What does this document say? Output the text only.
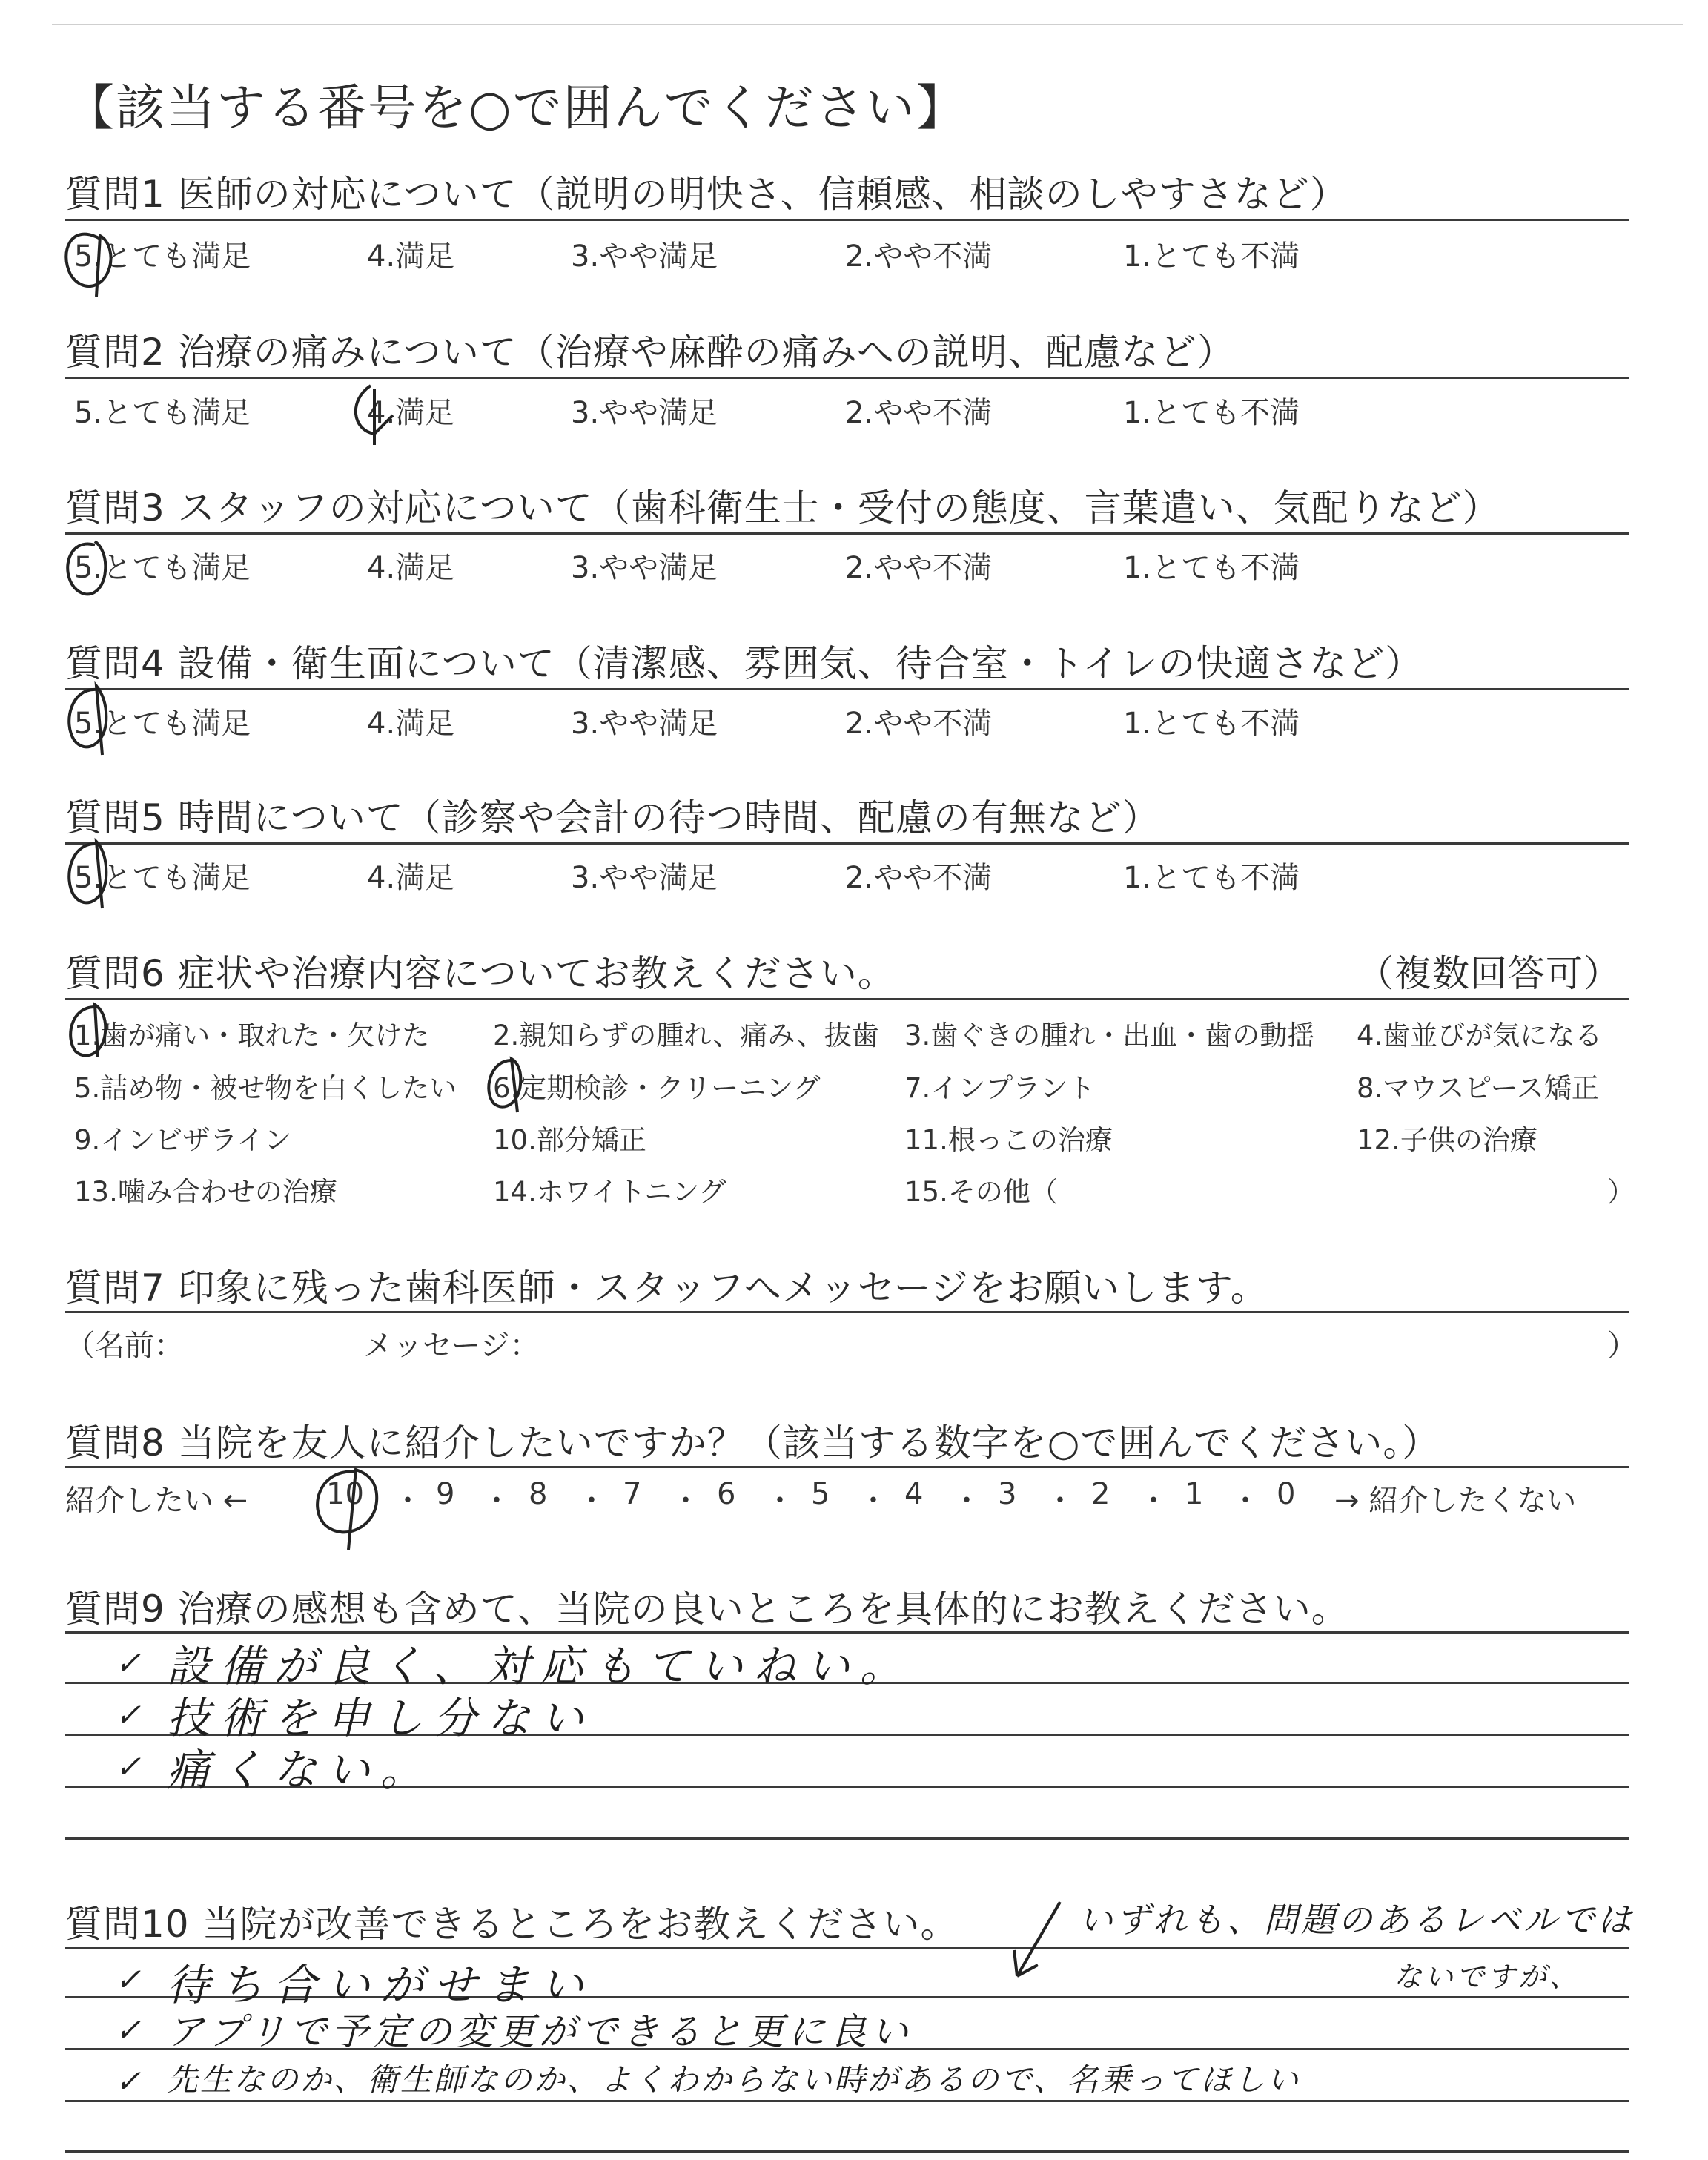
【該当する番号を○で囲んでください】
質問1 医師の対応について（説明の明快さ、信頼感、相談のしやすさなど）
5.とても満足	4.満足	3.やや満足	2.やや不満	1.とても不満
質問2 治療の痛みについて（治療や麻酔の痛みへの説明、配慮など）
5.とても満足	4.満足	3.やや満足	2.やや不満	1.とても不満
質問3 スタッフの対応について（歯科衛生士・受付の態度、言葉遣い、気配りなど）
5.とても満足	4.満足	3.やや満足	2.やや不満	1.とても不満
質問4 設備・衛生面について（清潔感、雰囲気、待合室・トイレの快適さなど）
5.とても満足	4.満足	3.やや満足	2.やや不満	1.とても不満
質問5 時間について（診察や会計の待つ時間、配慮の有無など）
5.とても満足	4.満足	3.やや満足	2.やや不満	1.とても不満
質問6 症状や治療内容についてお教えください。	（複数回答可）
1.歯が痛い・取れた・欠けた 2.親知らずの腫れ、痛み、抜歯 3.歯ぐきの腫れ・出血・歯の動揺 4.歯並びが気になる
5.詰め物・被せ物を白くしたい 6.定期検診・クリーニング	7.インプラント	8.マウスピース矯正
9.インビザライン	10.部分矯正	11.根っこの治療	12.子供の治療
13.噛み合わせの治療	14.ホワイトニング	15.その他（	）
質問7 印象に残った歯科医師・スタッフへメッセージをお願いします。
（名前：	メッセージ：	）
質問8 当院を友人に紹介したいですか？（該当する数字を○で囲んでください。）
紹介したい ←	10 ・ 9 ・ 8 ・ 7 ・ 6 ・ 5 ・ 4 ・ 3 ・ 2 ・ 1 ・ 0 → 紹介したくない
質問9 治療の感想も含めて、当院の良いところを具体的にお教えください。
✓ 設備が良く、対応もていねい。
✓ 技術を申し分ない
✓ 痛くない。
質問10 当院が改善できるところをお教えください。	いずれも、問題のあるレベルでは
ないですが、
✓ 待ち合いがせまい
✓ アプリで予定の変更ができると更に良い
✓ 先生なのか、衛生師なのか、よくわからない時があるので、名乗ってほしい
